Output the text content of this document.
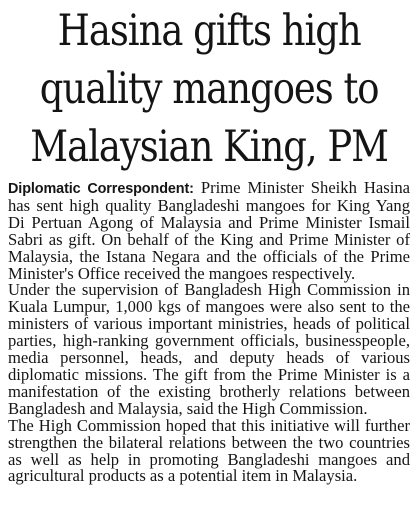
Hasina gifts high
quality mangoes to
Malaysian King, PM

Diplomatic Correspondent: Prime Minister Sheikh Hasina has sent high quality Bangladeshi mangoes for King Yang Di Pertuan Agong of Malaysia and Prime Minister Ismail Sabri as gift. On behalf of the King and Prime Minister of Malaysia, the Istana Negara and the officials of the Prime Minister's Office received the mangoes respectively.

Under the supervision of Bangladesh High Commission in Kuala Lumpur, 1,000 kgs of mangoes were also sent to the ministers of various important ministries, heads of political parties, high-ranking government officials, businesspeople, media personnel, heads, and deputy heads of various diplomatic missions. The gift from the Prime Minister is a manifestation of the existing brotherly relations between Bangladesh and Malaysia, said the High Commission.

The High Commission hoped that this initiative will further strengthen the bilateral relations between the two countries as well as help in promoting Bangladeshi mangoes and agricultural products as a potential item in Malaysia.
